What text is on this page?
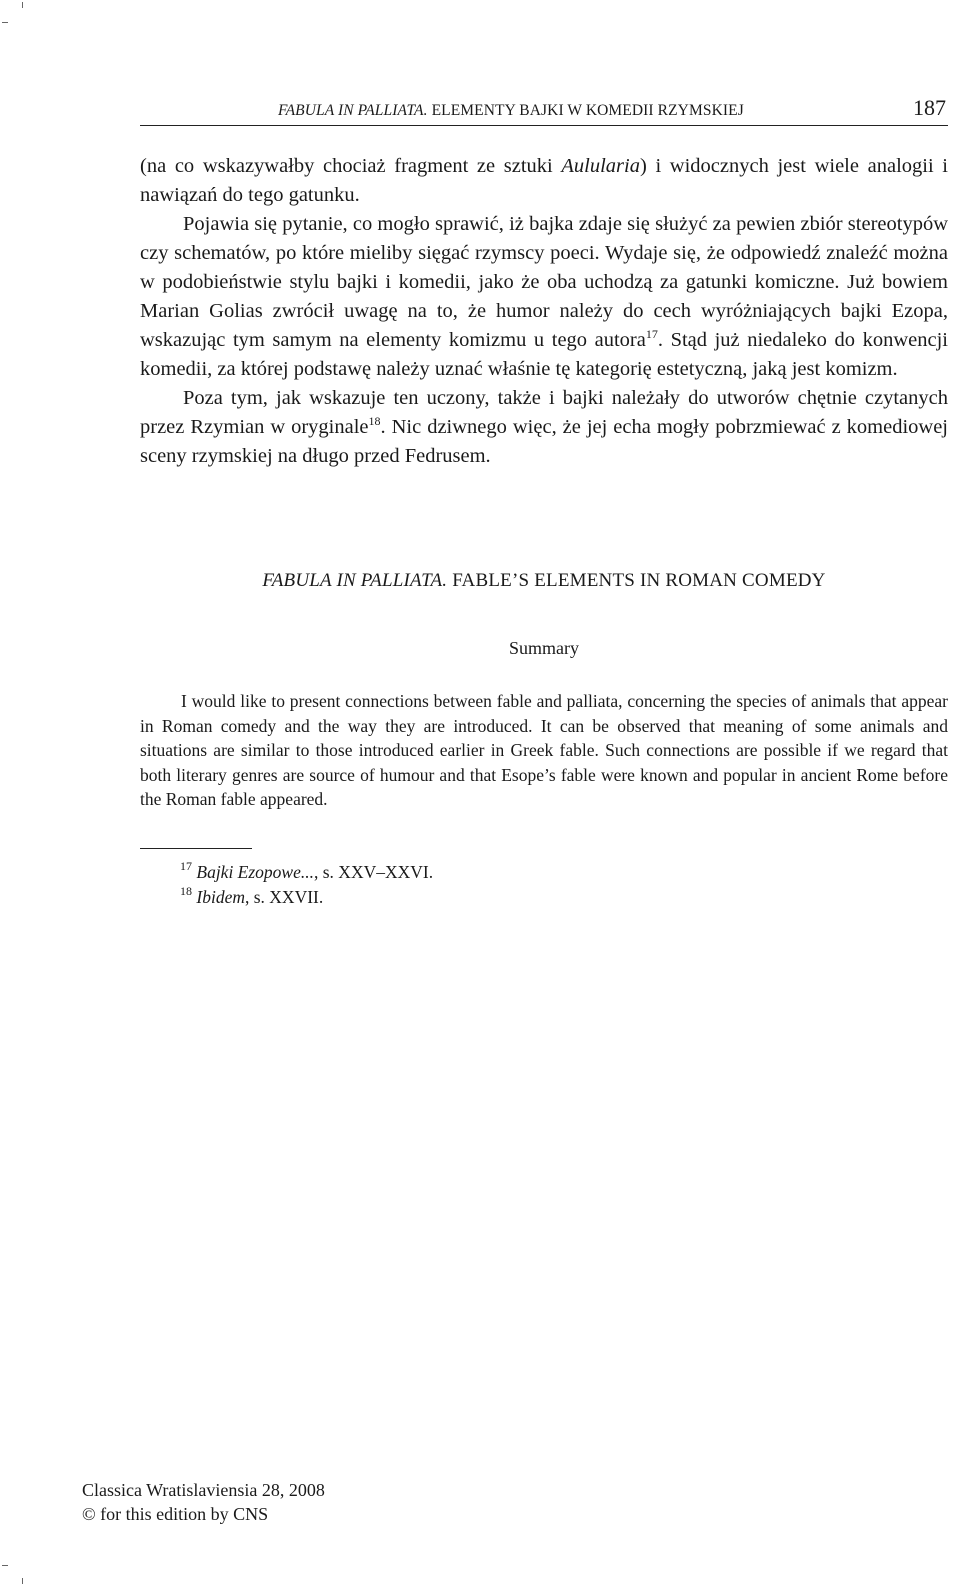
FABULA IN PALLIATA. ELEMENTY BAJKI W KOMEDII RZYMSKIEJ	187

(na co wskazywałby chociaż fragment ze sztuki Aulularia) i widocznych jest wiele analogii i nawiązań do tego gatunku.

Pojawia się pytanie, co mogło sprawić, iż bajka zdaje się służyć za pewien zbiór stereotypów czy schematów, po które mieliby sięgać rzymscy poeci. Wydaje się, że odpowiedź znaleźć można w podobieństwie stylu bajki i komedii, jako że oba uchodzą za gatunki komiczne. Już bowiem Marian Golias zwrócił uwagę na to, że humor należy do cech wyróżniających bajki Ezopa, wskazując tym samym na elementy komizmu u tego autora$^{17}$. Stąd już niedaleko do konwencji komedii, za której podstawę należy uznać właśnie tę kategorię estetyczną, jaką jest komizm.

Poza tym, jak wskazuje ten uczony, także i bajki należały do utworów chętnie czytanych przez Rzymian w oryginale$^{18}$. Nic dziwnego więc, że jej echa mogły pobrzmiewać z komediowej sceny rzymskiej na długo przed Fedrusem.

FABULA IN PALLIATA. FABLE’S ELEMENTS IN ROMAN COMEDY
Summary

I would like to present connections between fable and palliata, concerning the species of animals that appear in Roman comedy and the way they are introduced. It can be observed that meaning of some animals and situations are similar to those introduced earlier in Greek fable. Such connections are possible if we regard that both literary genres are source of humour and that Esope’s fable were known and popular in ancient Rome before the Roman fable appeared.

$^{17}$ Bajki Ezopowe..., s. XXV–XXVI.
$^{18}$ Ibidem, s. XXVII.
Classica Wratislaviensia 28, 2008
© for this edition by CNS
